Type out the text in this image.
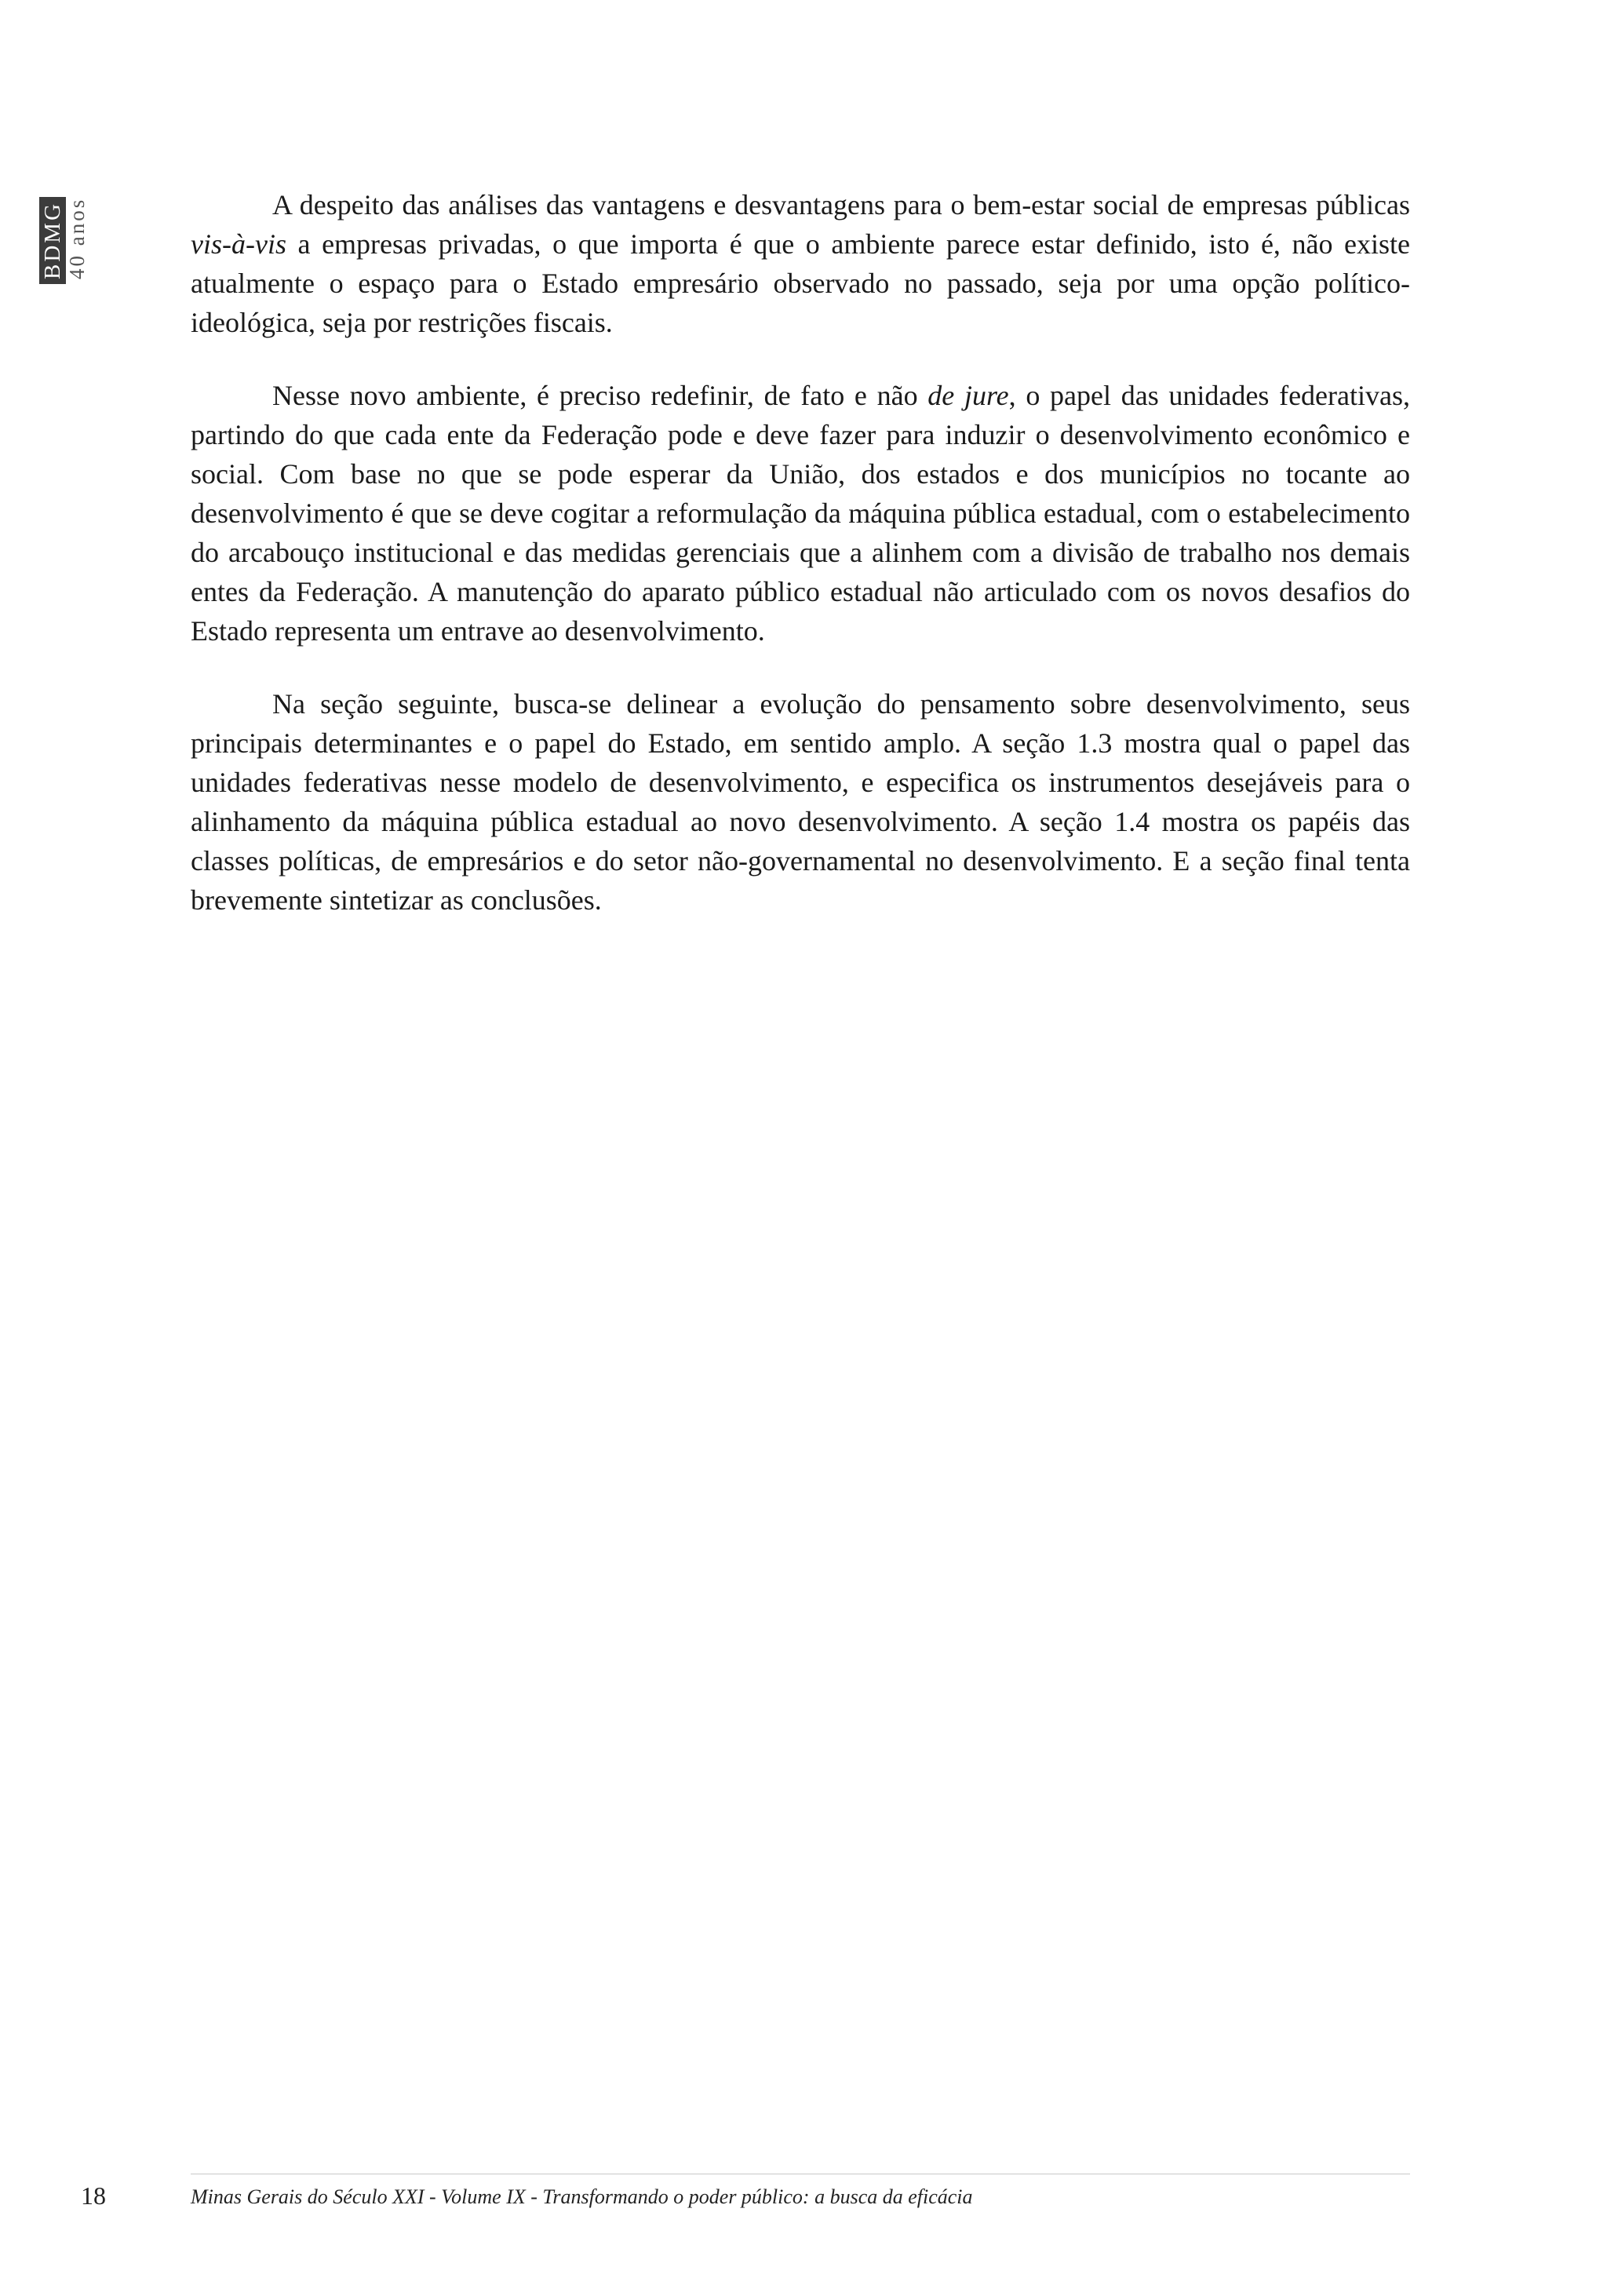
BDMG 40 anos	A despeito das análises das vantagens e desvantagens para o bem-estar social de empresas públicas vis-à-vis a empresas privadas, o que importa é que o ambiente parece estar definido, isto é, não existe atualmente o espaço para o Estado empresário observado no passado, seja por uma opção político-ideológica, seja por restrições fiscais.

Nesse novo ambiente, é preciso redefinir, de fato e não de jure, o papel das unidades federativas, partindo do que cada ente da Federação pode e deve fazer para induzir o desenvolvimento econômico e social. Com base no que se pode esperar da União, dos estados e dos municípios no tocante ao desenvolvimento é que se deve cogitar a reformulação da máquina pública estadual, com o estabelecimento do arcabouço institucional e das medidas gerenciais que a alinhem com a divisão de trabalho nos demais entes da Federação. A manutenção do aparato público estadual não articulado com os novos desafios do Estado representa um entrave ao desenvolvimento.

Na seção seguinte, busca-se delinear a evolução do pensamento sobre desenvolvimento, seus principais determinantes e o papel do Estado, em sentido amplo. A seção 1.3 mostra qual o papel das unidades federativas nesse modelo de desenvolvimento, e especifica os instrumentos desejáveis para o alinhamento da máquina pública estadual ao novo desenvolvimento. A seção 1.4 mostra os papéis das classes políticas, de empresários e do setor não-governamental no desenvolvimento. E a seção final tenta brevemente sintetizar as conclusões.

18	Minas Gerais do Século XXI - Volume IX - Transformando o poder público: a busca da eficácia
